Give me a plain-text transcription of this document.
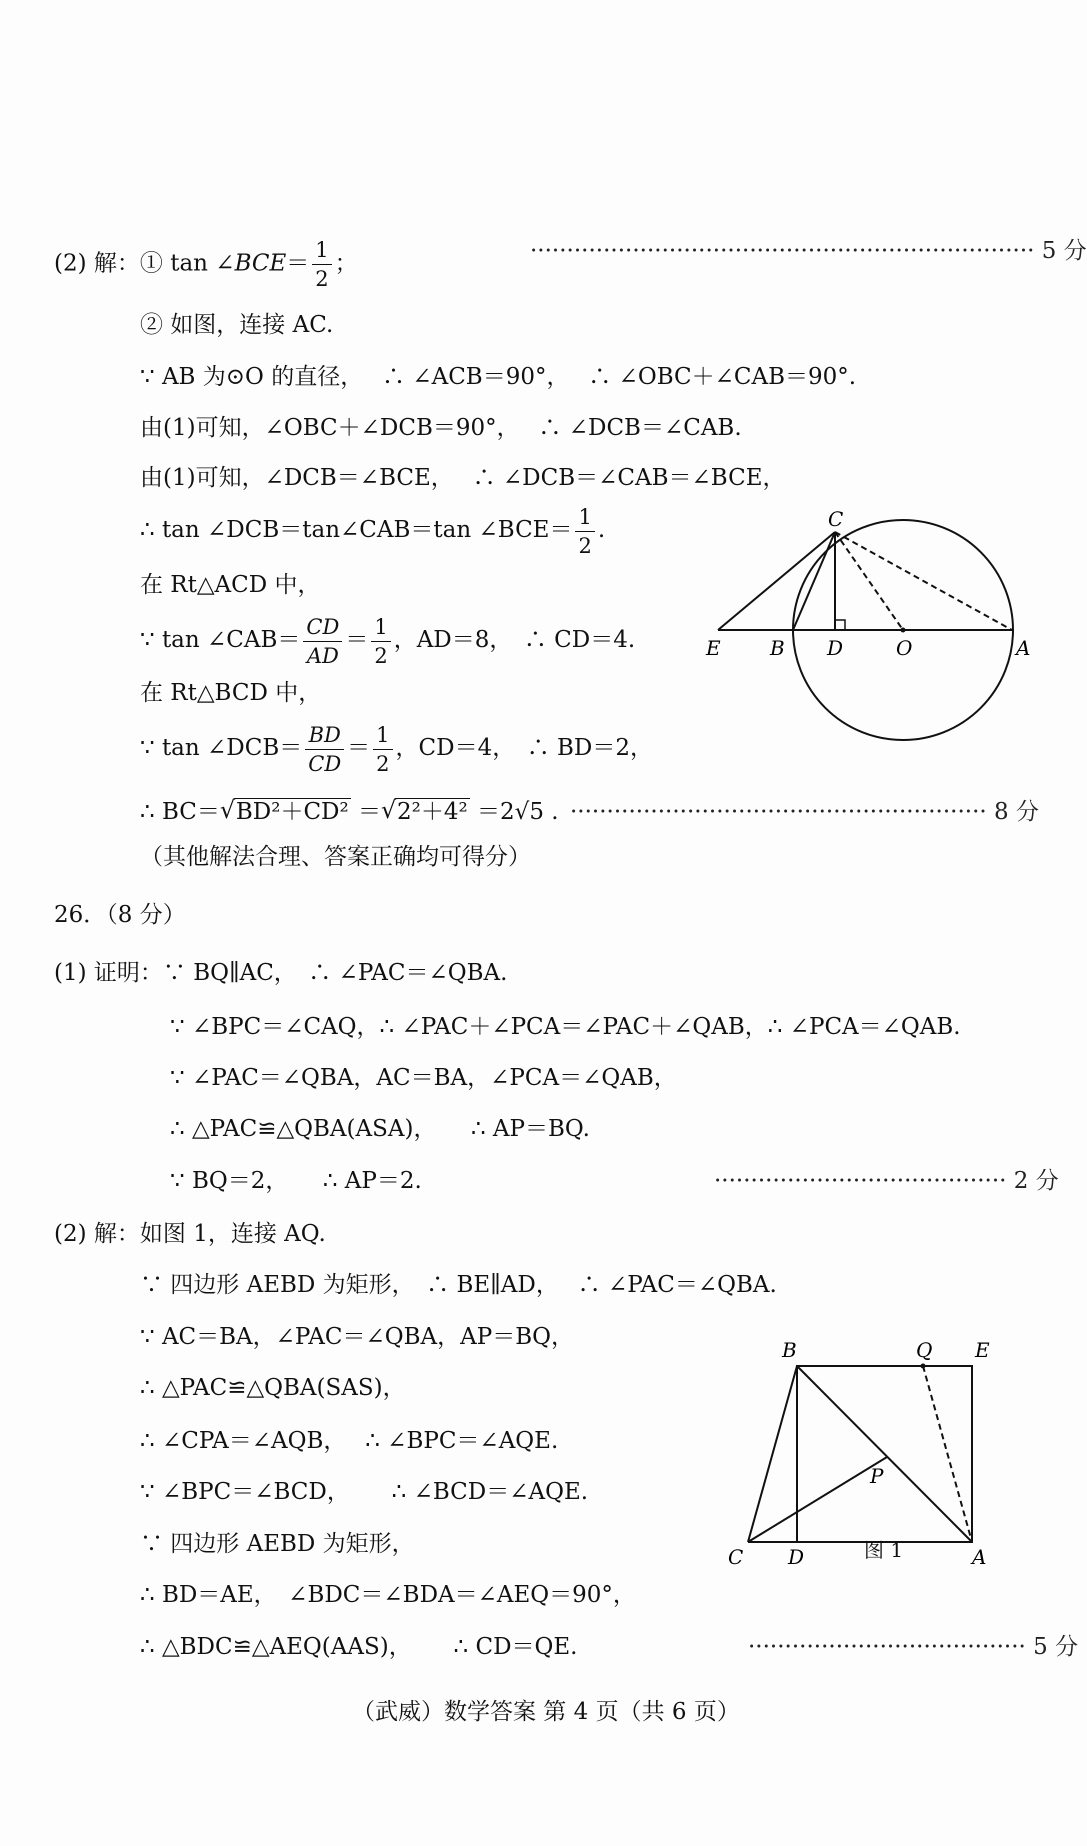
(2) 解：① tan ∠BCE＝ $\frac{1}{2}$ ；	····································································· 5 分
② 如图，连接 AC.
∵ AB 为⊙O 的直径，　 ∴ ∠ACB＝90°，　 ∴ ∠OBC＋∠CAB＝90°.
由(1)可知，∠OBC＋∠DCB＝90°，　 ∴ ∠DCB＝∠CAB.
由(1)可知，∠DCB＝∠BCE，　 ∴ ∠DCB＝∠CAB＝∠BCE，
∴ tan ∠DCB＝tan∠CAB＝tan ∠BCE＝ $\frac{1}{2}$ .
在 Rt△ACD 中，
∵ tan ∠CAB＝ $\frac{CD}{AD} = \frac{1}{2}$ ，AD＝8，　∴ CD＝4.
在 Rt△BCD 中，
∵ tan ∠DCB＝ $\frac{BD}{CD} = \frac{1}{2}$ ，CD＝4，　∴ BD＝2，
∴ BC＝ √ BD²＋CD² ＝ √ 2²＋4² ＝2√5 . ························································· 8 分
（其他解法合理、答案正确均可得分）
26．（8 分）
(1) 证明：∵ BQ∥AC，　∴ ∠PAC＝∠QBA.
∵ ∠BPC＝∠CAQ，∴ ∠PAC＋∠PCA＝∠PAC＋∠QAB，∴ ∠PCA＝∠QAB.
∵ ∠PAC＝∠QBA，AC＝BA，∠PCA＝∠QAB，
∴ △PAC≌△QBA(ASA)，　　∴ AP＝BQ.
∵ BQ＝2，　　∴ AP＝2.	········································ 2 分
(2) 解：如图 1，连接 AQ.
∵ 四边形 AEBD 为矩形，　∴ BE∥AD，　 ∴ ∠PAC＝∠QBA.
∵ AC＝BA，∠PAC＝∠QBA，AP＝BQ，
∴ △PAC≌△QBA(SAS)，
∴ ∠CPA＝∠AQB，　 ∴ ∠BPC＝∠AQE.
∵ ∠BPC＝∠BCD，　　 ∴ ∠BCD＝∠AQE.
∵ 四边形 AEBD 为矩形，
∴ BD＝AE，　∠BDC＝∠BDA＝∠AEQ＝90°，
∴ △BDC≌△AEQ(AAS)，　　 ∴ CD＝QE.	······································ 5 分
（武威）数学答案 第 4 页（共 6 页）
C
E B D	O	A
B	Q E
P
C D	A
图 1
